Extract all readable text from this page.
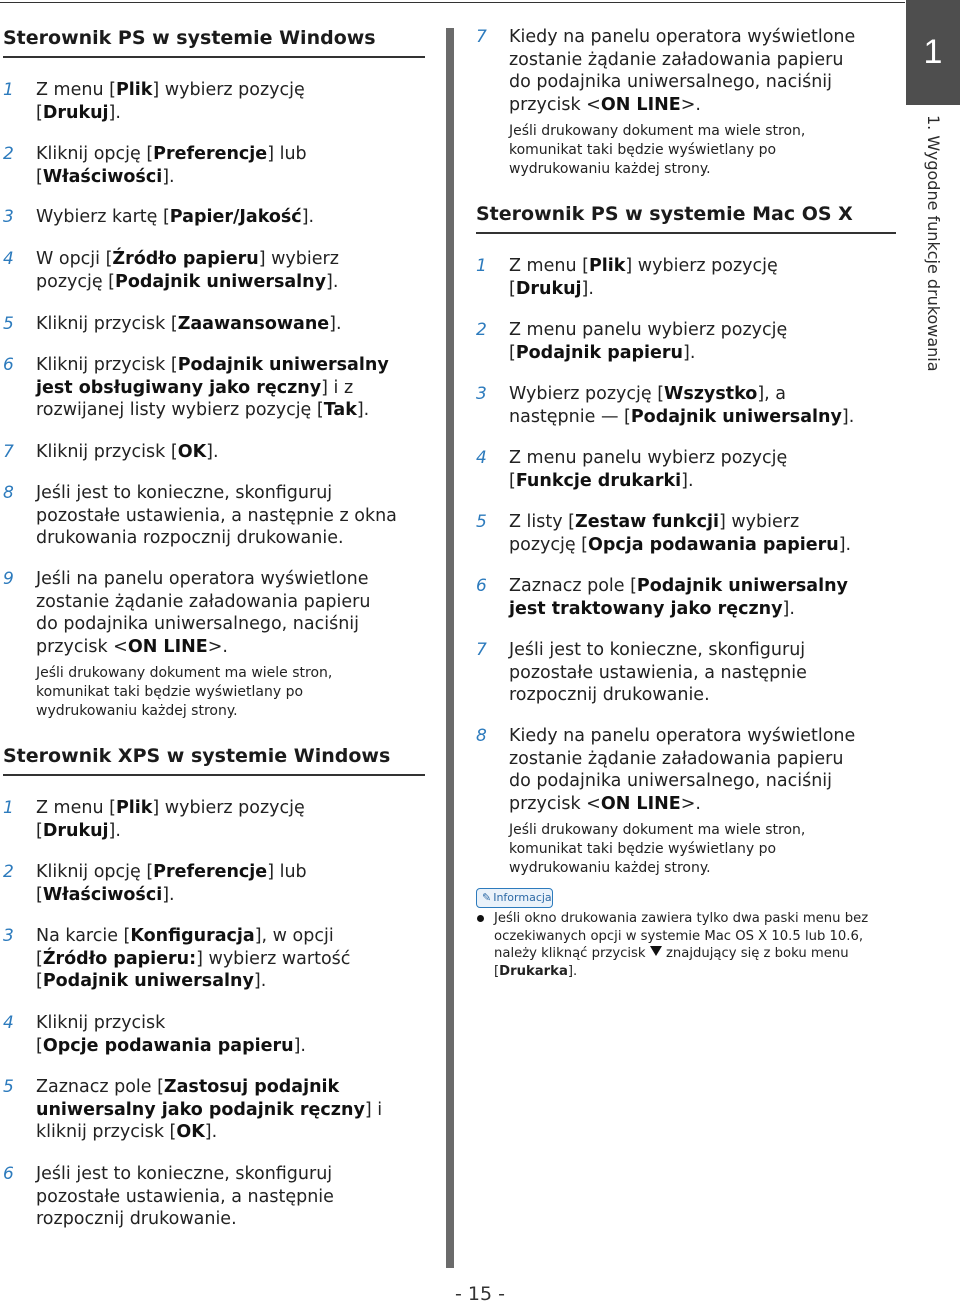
Sterownik PS w systemie Windows
1	Z menu [Plik] wybierz pozycję
[Drukuj].
2	Kliknij opcję [Preferencje] lub
[Właściwości].
3	Wybierz kartę [Papier/Jakość].
4	W opcji [Źródło papieru] wybierz
pozycję [Podajnik uniwersalny].
5	Kliknij przycisk [Zaawansowane].
6	Kliknij przycisk [Podajnik uniwersalny
jest obsługiwany jako ręczny] i z
rozwijanej listy wybierz pozycję [Tak].
7	Kliknij przycisk [OK].
8	Jeśli jest to konieczne, skonfiguruj
pozostałe ustawienia, a następnie z okna
drukowania rozpocznij drukowanie.
9	Jeśli na panelu operatora wyświetlone
zostanie żądanie załadowania papieru
do podajnika uniwersalnego, naciśnij
przycisk <ON LINE>.
Jeśli drukowany dokument ma wiele stron,
komunikat taki będzie wyświetlany po
wydrukowaniu każdej strony.
Sterownik XPS w systemie Windows
1	Z menu [Plik] wybierz pozycję
[Drukuj].
2	Kliknij opcję [Preferencje] lub
[Właściwości].
3	Na karcie [Konfiguracja], w opcji
[Źródło papieru:] wybierz wartość
[Podajnik uniwersalny].
4	Kliknij przycisk
[Opcje podawania papieru].
5	Zaznacz pole [Zastosuj podajnik
uniwersalny jako podajnik ręczny] i
kliknij przycisk [OK].
6	Jeśli jest to konieczne, skonfiguruj
pozostałe ustawienia, a następnie
rozpocznij drukowanie.
7	Kiedy na panelu operatora wyświetlone
zostanie żądanie załadowania papieru
do podajnika uniwersalnego, naciśnij
przycisk <ON LINE>.
Jeśli drukowany dokument ma wiele stron,
komunikat taki będzie wyświetlany po
wydrukowaniu każdej strony.
Sterownik PS w systemie Mac OS X
1	Z menu [Plik] wybierz pozycję
[Drukuj].
2	Z menu panelu wybierz pozycję
[Podajnik papieru].
3	Wybierz pozycję [Wszystko], a
następnie — [Podajnik uniwersalny].
4	Z menu panelu wybierz pozycję
[Funkcje drukarki].
5	Z listy [Zestaw funkcji] wybierz
pozycję [Opcja podawania papieru].
6	Zaznacz pole [Podajnik uniwersalny
jest traktowany jako ręczny].
7	Jeśli jest to konieczne, skonfiguruj
pozostałe ustawienia, a następnie
rozpocznij drukowanie.
8	Kiedy na panelu operatora wyświetlone
zostanie żądanie załadowania papieru
do podajnika uniwersalnego, naciśnij
przycisk <ON LINE>.
Jeśli drukowany dokument ma wiele stron,
komunikat taki będzie wyświetlany po
wydrukowaniu każdej strony.
✎ Informacja
Jeśli okno drukowania zawiera tylko dwa paski menu bez
oczekiwanych opcji w systemie Mac OS X 10.5 lub 10.6,
należy kliknąć przycisk  znajdujący się z boku menu
[Drukarka].
1
1. Wygodne funkcje drukowania
- 15 -
